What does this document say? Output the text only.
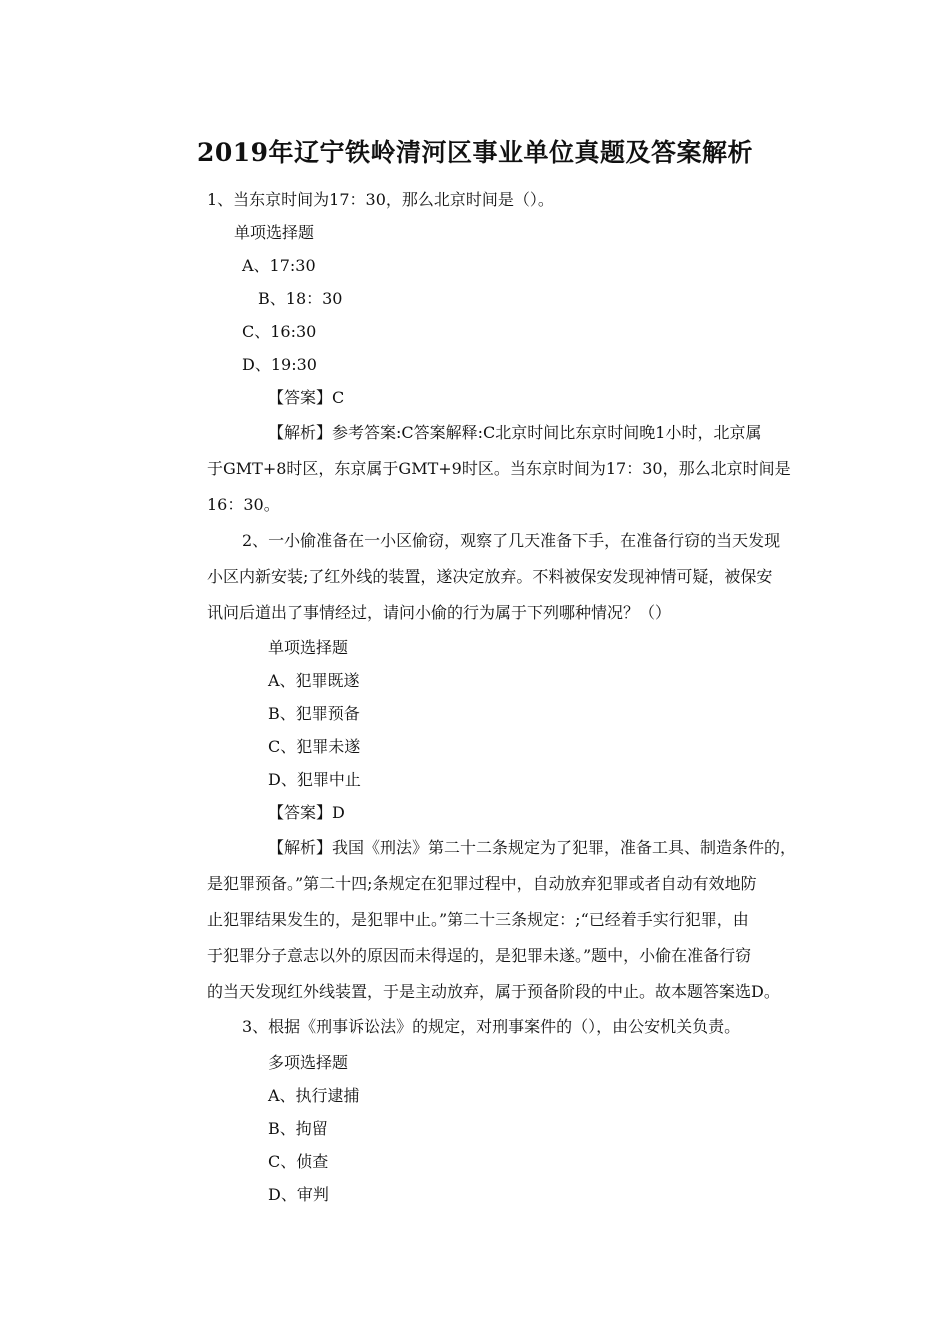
2019年辽宁铁岭清河区事业单位真题及答案解析
1、当东京时间为17：30，那么北京时间是（）。
单项选择题
A、17:30
B、18：30
C、16:30
D、19:30
【答案】C
【解析】参考答案:C答案解释:C北京时间比东京时间晚1小时，北京属
于GMT+8时区，东京属于GMT+9时区。当东京时间为17：30，那么北京时间是
16：30。
2、一小偷准备在一小区偷窃，观察了几天准备下手，在准备行窃的当天发现
小区内新安装;了红外线的装置，遂决定放弃。不料被保安发现神情可疑，被保安
讯问后道出了事情经过，请问小偷的行为属于下列哪种情况？（）
单项选择题
A、犯罪既遂
B、犯罪预备
C、犯罪未遂
D、犯罪中止
【答案】D
【解析】我国《刑法》第二十二条规定为了犯罪，准备工具、制造条件的，
是犯罪预备。”第二十四;条规定在犯罪过程中，自动放弃犯罪或者自动有效地防
止犯罪结果发生的，是犯罪中止。”第二十三条规定：;“已经着手实行犯罪，由
于犯罪分子意志以外的原因而未得逞的，是犯罪未遂。”题中，小偷在准备行窃
的当天发现红外线装置，于是主动放弃，属于预备阶段的中止。故本题答案选D。
3、根据《刑事诉讼法》的规定，对刑事案件的（），由公安机关负责。
多项选择题
A、执行逮捕
B、拘留
C、侦查
D、审判
